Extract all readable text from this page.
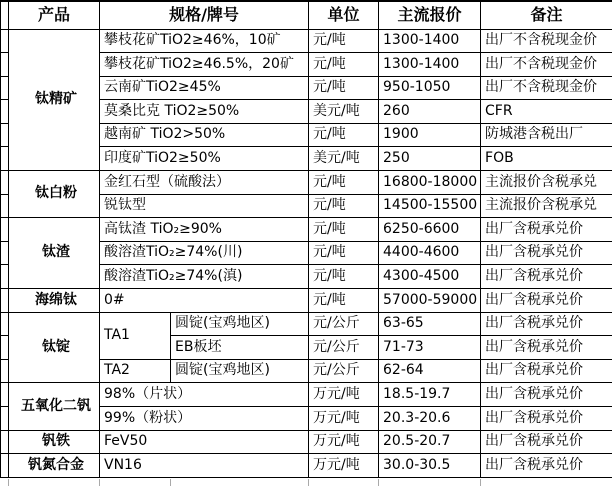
	产品	规格/牌号		单位	主流报价	备注
	钛精矿	攀枝花矿TiO2≥46%，10矿		元/吨	1300-1400	出厂不含税现金价
		攀枝花矿TiO2≥46.5%，20矿		元/吨	1300-1400	出厂不含税现金价
		云南矿TiO2≥45%		元/吨	950-1050	出厂不含税现金价
		莫桑比克 TiO2≥50%		美元/吨	260	CFR
		越南矿 TiO2>50%		元/吨	1900	防城港含税出厂
		印度矿TiO2≥50%		美元/吨	250	FOB
	钛白粉	金红石型（硫酸法）		元/吨	16800-18000	主流报价含税承兑
		锐钛型		元/吨	14500-15500	主流报价含税承兑
	钛渣	高钛渣 TiO₂≥90%		元/吨	6250-6600	出厂含税承兑价
		酸溶渣TiO₂≥74%(川)		元/吨	4400-4600	出厂含税承兑价
		酸溶渣TiO₂≥74%(滇)		元/吨	4300-4500	出厂含税承兑价
	海绵钛	0#		元/吨	57000-59000	出厂含税承兑价
	钛锭	TA1	圆锭(宝鸡地区)	元/公斤	63-65	出厂含税承兑价
			EB板坯	元/公斤	71-73	出厂含税承兑价
		TA2	圆锭(宝鸡地区)	元/公斤	62-64	出厂含税承兑价
	五氧化二钒	98%（片状）		万元/吨	18.5-19.7	出厂含税承兑价
		99%（粉状）		万元/吨	20.3-20.6	出厂含税承兑价
	钒铁	FeV50		万元/吨	20.5-20.7	出厂含税承兑价
	钒氮合金	VN16		万元/吨	30.0-30.5	出厂含税承兑价
